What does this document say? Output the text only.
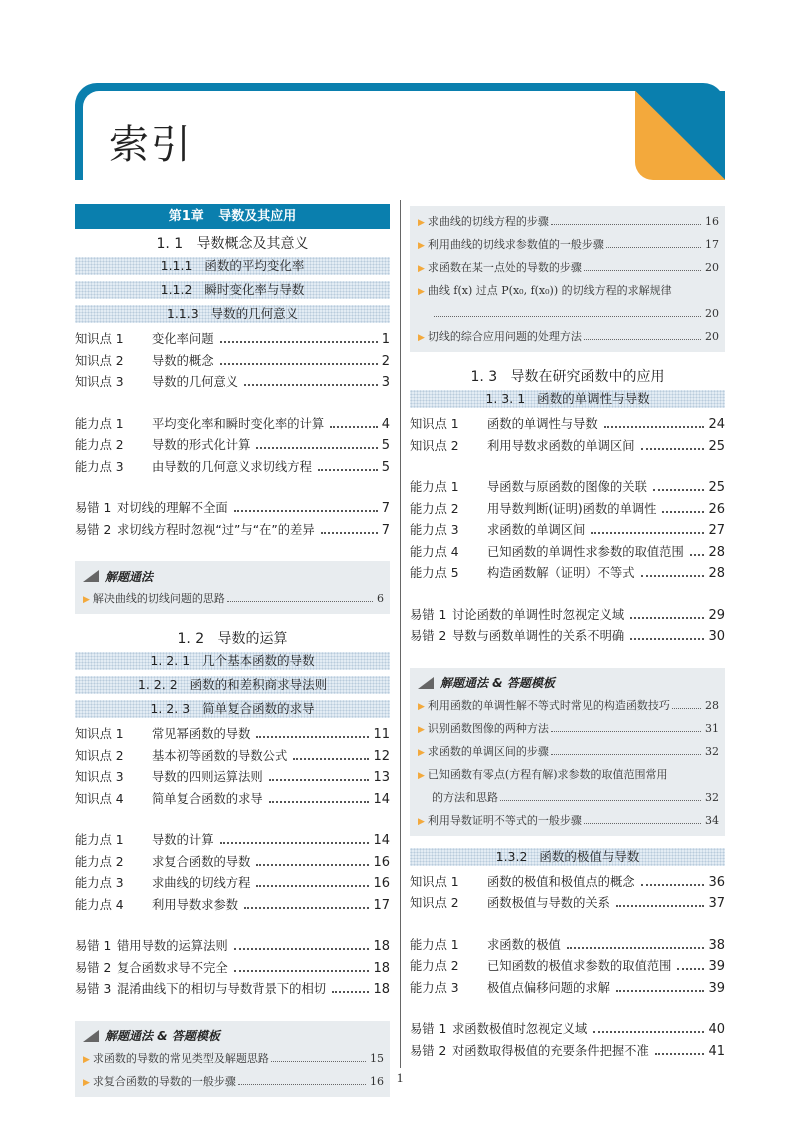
索引
第1章 导数及其应用
1. 1   导数概念及其意义
1.1.1   函数的平均变化率
1.1.2   瞬时变化率与导数
1.1.3   导数的几何意义
知识点 1	变化率问题	1
知识点 2	导数的概念	2
知识点 3	导数的几何意义	3
能力点 1	平均变化率和瞬时变化率的计算	4
能力点 2	导数的形式化计算	5
能力点 3	由导数的几何意义求切线方程	5
易错 1 对切线的理解不全面	7
易错 2 求切线方程时忽视“过”与“在”的差异	7
解题通法
▶ 解决曲线的切线问题的思路	6
1. 2   导数的运算
1. 2. 1   几个基本函数的导数
1. 2. 2   函数的和差积商求导法则
1. 2. 3   简单复合函数的求导
知识点 1	常见幂函数的导数	11
知识点 2	基本初等函数的导数公式	12
知识点 3	导数的四则运算法则	13
知识点 4	简单复合函数的求导	14
能力点 1	导数的计算	14
能力点 2	求复合函数的导数	16
能力点 3	求曲线的切线方程	16
能力点 4	利用导数求参数	17
易错 1 错用导数的运算法则	18
易错 2 复合函数求导不完全	18
易错 3 混淆曲线下的相切与导数背景下的相切	18
解题通法 & 答题模板
▶ 求函数的导数的常见类型及解题思路	15
▶ 求复合函数的导数的一般步骤	16
▶ 求曲线的切线方程的步骤	16
▶ 利用曲线的切线求参数值的一般步骤	17
▶ 求函数在某一点处的导数的步骤	20
▶ 曲线 f(x) 过点 P(x₀, f(x₀)) 的切线方程的求解规律
20
▶ 切线的综合应用问题的处理方法	20
1. 3   导数在研究函数中的应用
1. 3. 1   函数的单调性与导数
知识点 1	函数的单调性与导数	24
知识点 2	利用导数求函数的单调区间	25
能力点 1	导函数与原函数的图像的关联	25
能力点 2	用导数判断(证明)函数的单调性	26
能力点 3	求函数的单调区间	27
能力点 4	已知函数的单调性求参数的取值范围 28
能力点 5	构造函数解（证明）不等式	28
易错 1 讨论函数的单调性时忽视定义域	29
易错 2 导数与函数单调性的关系不明确	30
解题通法 & 答题模板
▶ 利用函数的单调性解不等式时常见的构造函数技巧	28
▶ 识别函数图像的两种方法	31
▶ 求函数的单调区间的步骤	32
▶ 已知函数有零点(方程有解)求参数的取值范围常用
的方法和思路	32
▶ 利用导数证明不等式的一般步骤	34
1.3.2   函数的极值与导数
知识点 1	函数的极值和极值点的概念	36
知识点 2	函数极值与导数的关系	37
能力点 1	求函数的极值	38
能力点 2	已知函数的极值求参数的取值范围	39
能力点 3	极值点偏移问题的求解	39
易错 1 求函数极值时忽视定义域	40
易错 2 对函数取得极值的充要条件把握不准	41
1
